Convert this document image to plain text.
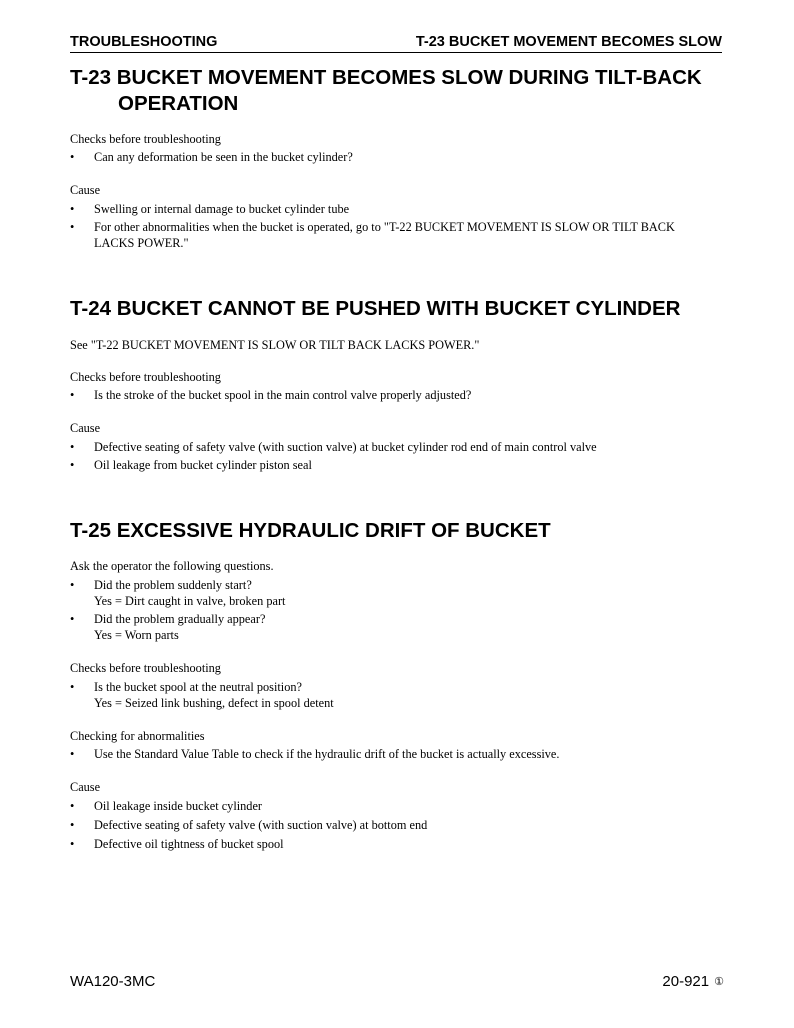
TROUBLESHOOTING	T-23 BUCKET MOVEMENT BECOMES SLOW
T-23 BUCKET MOVEMENT BECOMES SLOW DURING TILT-BACK
OPERATION
Checks before troubleshooting
• Can any deformation be seen in the bucket cylinder?
Cause
• Swelling or internal damage to bucket cylinder tube
• For other abnormalities when the bucket is operated, go to "T-22 BUCKET MOVEMENT IS SLOW OR TILT BACK
LACKS POWER."
T-24 BUCKET CANNOT BE PUSHED WITH BUCKET CYLINDER
See "T-22 BUCKET MOVEMENT IS SLOW OR TILT BACK LACKS POWER."
Checks before troubleshooting
• Is the stroke of the bucket spool in the main control valve properly adjusted?
Cause
• Defective seating of safety valve (with suction valve) at bucket cylinder rod end of main control valve
• Oil leakage from bucket cylinder piston seal
T-25 EXCESSIVE HYDRAULIC DRIFT OF BUCKET
Ask the operator the following questions.
• Did the problem suddenly start?
Yes = Dirt caught in valve, broken part
• Did the problem gradually appear?
Yes = Worn parts
Checks before troubleshooting
• Is the bucket spool at the neutral position?
Yes = Seized link bushing, defect in spool detent
Checking for abnormalities
• Use the Standard Value Table to check if the hydraulic drift of the bucket is actually excessive.
Cause
• Oil leakage inside bucket cylinder
• Defective seating of safety valve (with suction valve) at bottom end
• Defective oil tightness of bucket spool
WA120-3MC	20-921 ①
